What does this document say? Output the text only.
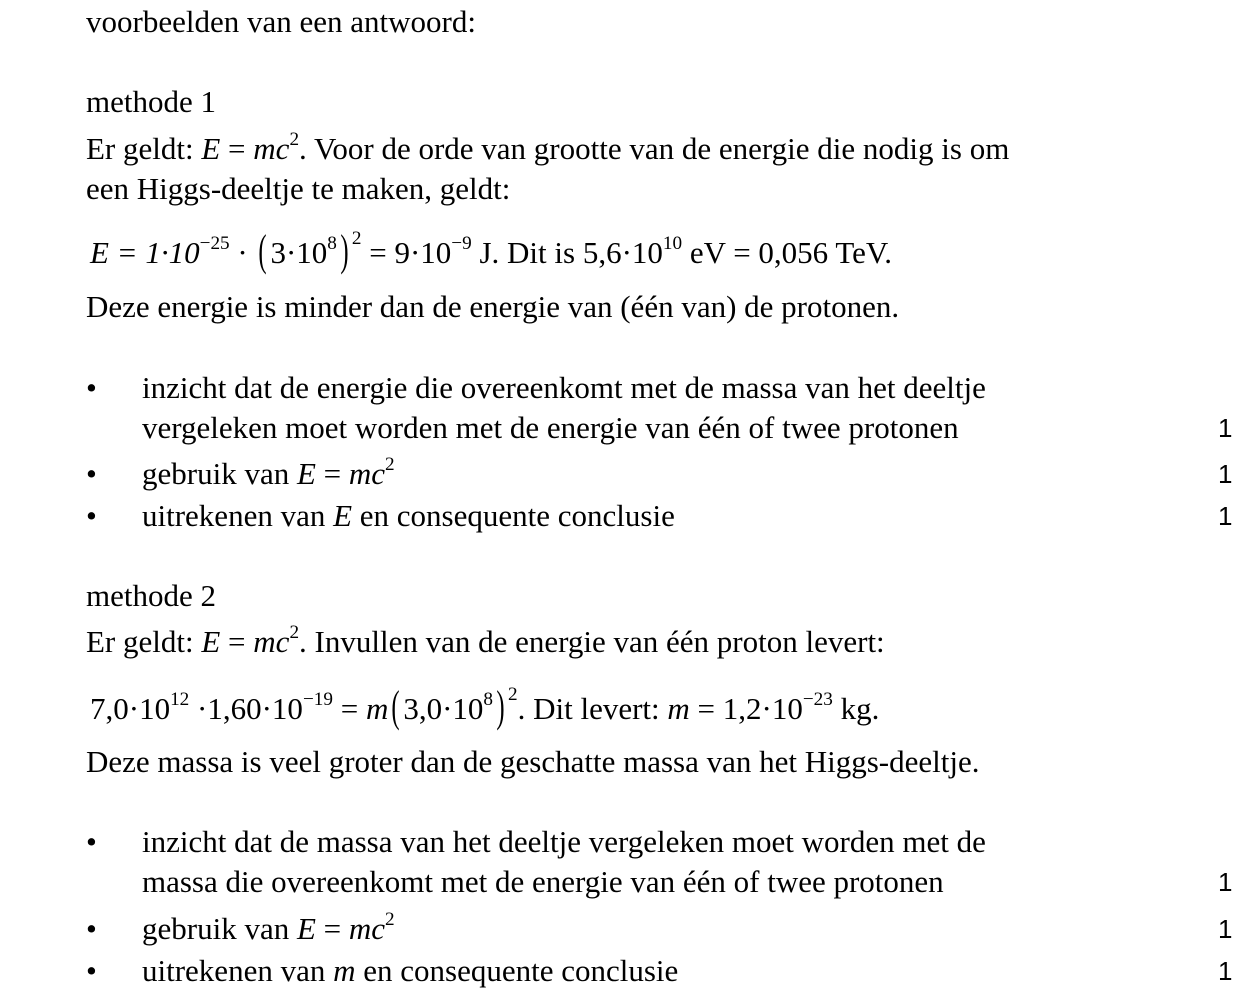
voorbeelden van een antwoord:
methode 1
Er geldt: $E = mc^2$. Voor de orde van grootte van de energie die nodig is om
een Higgs-deeltje te maken, geldt:
$E = 1\cdot 10^{-25}$ · ( $3\cdot 10^8$) $^2 = 9\cdot 10^{-9}$ J. Dit is $5,6\cdot 10^{10}$ eV = 0,056 TeV.
Deze energie is minder dan de energie van (één van) de protonen.
• inzicht dat de energie die overeenkomt met de massa van het deeltje
vergeleken moet worden met de energie van één of twee protonen	1
• gebruik van $E = mc^2$	1
• uitrekenen van E en consequente conclusie	1
methode 2
Er geldt: $E = mc^2$. Invullen van de energie van één proton levert:
$7,0\cdot 10^{12} \cdot 1,60\cdot 10^{-19} = m$( $3,0\cdot 10^8$) $^2$. Dit levert: $m = 1,2\cdot 10^{-23}$ kg.
Deze massa is veel groter dan de geschatte massa van het Higgs-deeltje.
• inzicht dat de massa van het deeltje vergeleken moet worden met de
massa die overeenkomt met de energie van één of twee protonen	1
• gebruik van $E = mc^2$	1
• uitrekenen van m en consequente conclusie	1
